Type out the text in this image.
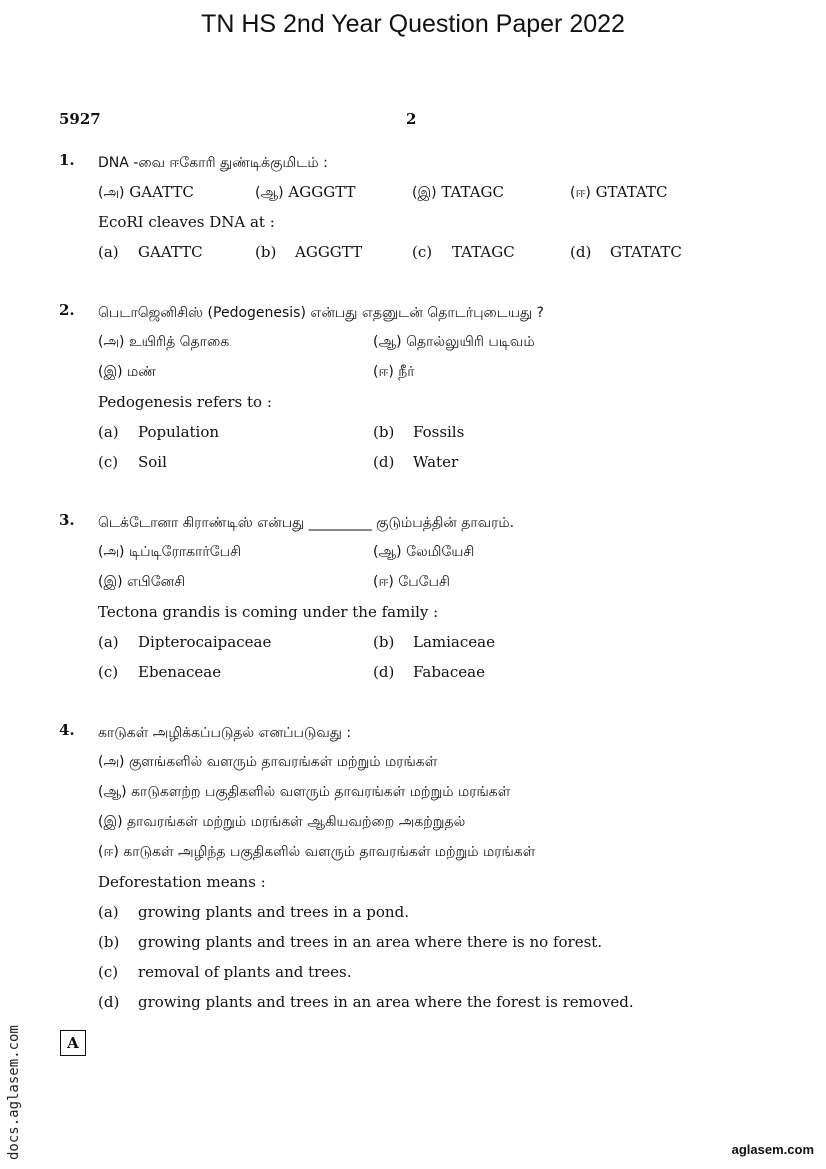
TN HS 2nd Year Question Paper 2022
5927	2
1. DNA -வை ஈகோரி துண்டிக்குமிடம் :
(அ) GAATTC	(ஆ) AGGGTT	(இ) TATAGC	(ஈ) GTATATC
EcoRI cleaves DNA at :
(a) GAATTC	(b) AGGGTT	(c) TATAGC	(d) GTATATC
2. பெடாஜெனிசிஸ் (Pedogenesis) என்பது எதனுடன் தொடர்புடையது ?
(அ) உயிரித் தொகை	(ஆ) தொல்லுயிரி படிவம்
(இ) மண்	(ஈ) நீர்
Pedogenesis refers to :
(a) Population	(b) Fossils
(c) Soil	(d) Water
3. டெக்டோனா கிராண்டிஸ் என்பது _________ குடும்பத்தின் தாவரம்.
(அ) டிப்டிரோகார்பேசி	(ஆ) லேமியேசி
(இ) எபினேசி	(ஈ) பேபேசி
Tectona grandis is coming under the family :
(a) Dipterocaipaceae	(b) Lamiaceae
(c) Ebenaceae	(d) Fabaceae
4. காடுகள் அழிக்கப்படுதல் எனப்படுவது :
(அ) குளங்களில் வளரும் தாவரங்கள் மற்றும் மரங்கள்
(ஆ) காடுகளற்ற பகுதிகளில் வளரும் தாவரங்கள் மற்றும் மரங்கள்
(இ) தாவரங்கள் மற்றும் மரங்கள் ஆகியவற்றை அகற்றுதல்
(ஈ) காடுகள் அழிந்த பகுதிகளில் வளரும் தாவரங்கள் மற்றும் மரங்கள்
Deforestation means :
(a) growing plants and trees in a pond.
(b) growing plants and trees in an area where there is no forest.
(c) removal of plants and trees.
(d) growing plants and trees in an area where the forest is removed.
docs.aglasem.com	A
aglasem.com
